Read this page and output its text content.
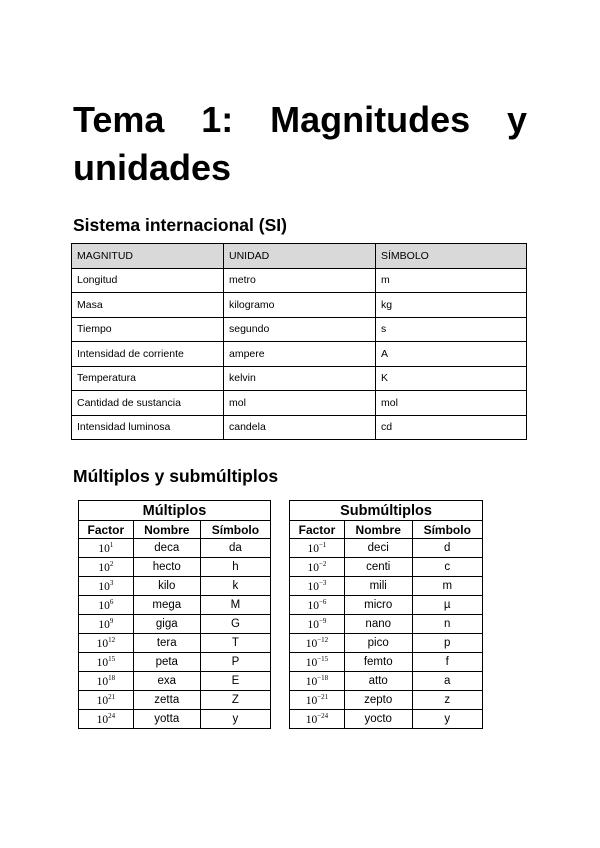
Tema 1: Magnitudes y unidades
Sistema internacional (SI)
MAGNITUD	UNIDAD	SÍMBOLO
Longitud	metro	m
Masa	kilogramo	kg
Tiempo	segundo	s
Intensidad de corriente	ampere	A
Temperatura	kelvin	K
Cantidad de sustancia	mol	mol
Intensidad luminosa	candela	cd
Múltiplos y submúltiplos
Múltiplos		
Factor	Nombre	Símbolo
$10^1$	deca	da
$10^2$	hecto	h
$10^3$	kilo	k
$10^6$	mega	M
$10^9$	giga	G
$10^{12}$	tera	T
$10^{15}$	peta	P
$10^{18}$	exa	E
$10^{21}$	zetta	Z
$10^{24}$	yotta	y
Submúltiplos		
Factor	Nombre	Símbolo
$10^{-1}$	deci	d
$10^{-2}$	centi	c
$10^{-3}$	mili	m
$10^{-6}$	micro	µ
$10^{-9}$	nano	n
$10^{-12}$	pico	p
$10^{-15}$	femto	f
$10^{-18}$	atto	a
$10^{-21}$	zepto	z
$10^{-24}$	yocto	y
